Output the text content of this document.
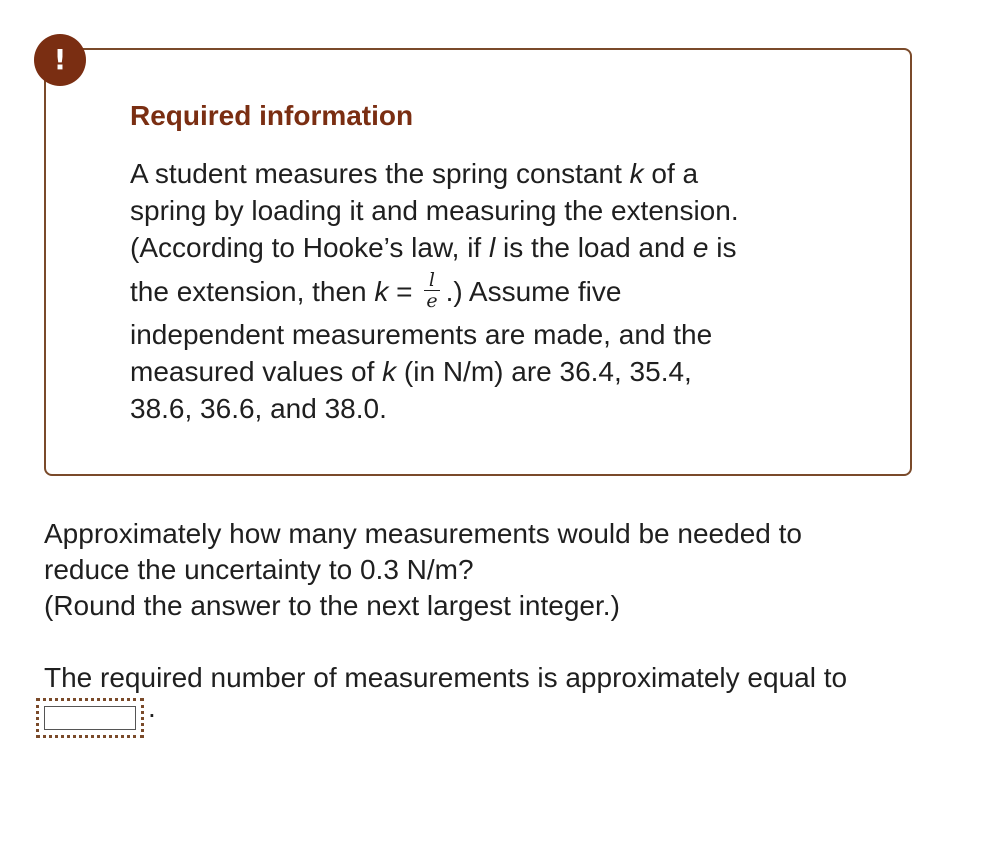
!
Required information
A student measures the spring constant k of a
spring by loading it and measuring the extension.
(According to Hooke’s law, if l is the load and e is
the extension, then $k = \frac{l}{e}$ .) Assume five
independent measurements are made, and the
measured values of k (in N/m) are 36.4, 35.4,
38.6, 36.6, and 38.0.
Approximately how many measurements would be needed to
reduce the uncertainty to 0.3 N/m?
(Round the answer to the next largest integer.)
The required number of measurements is approximately equal to
.
